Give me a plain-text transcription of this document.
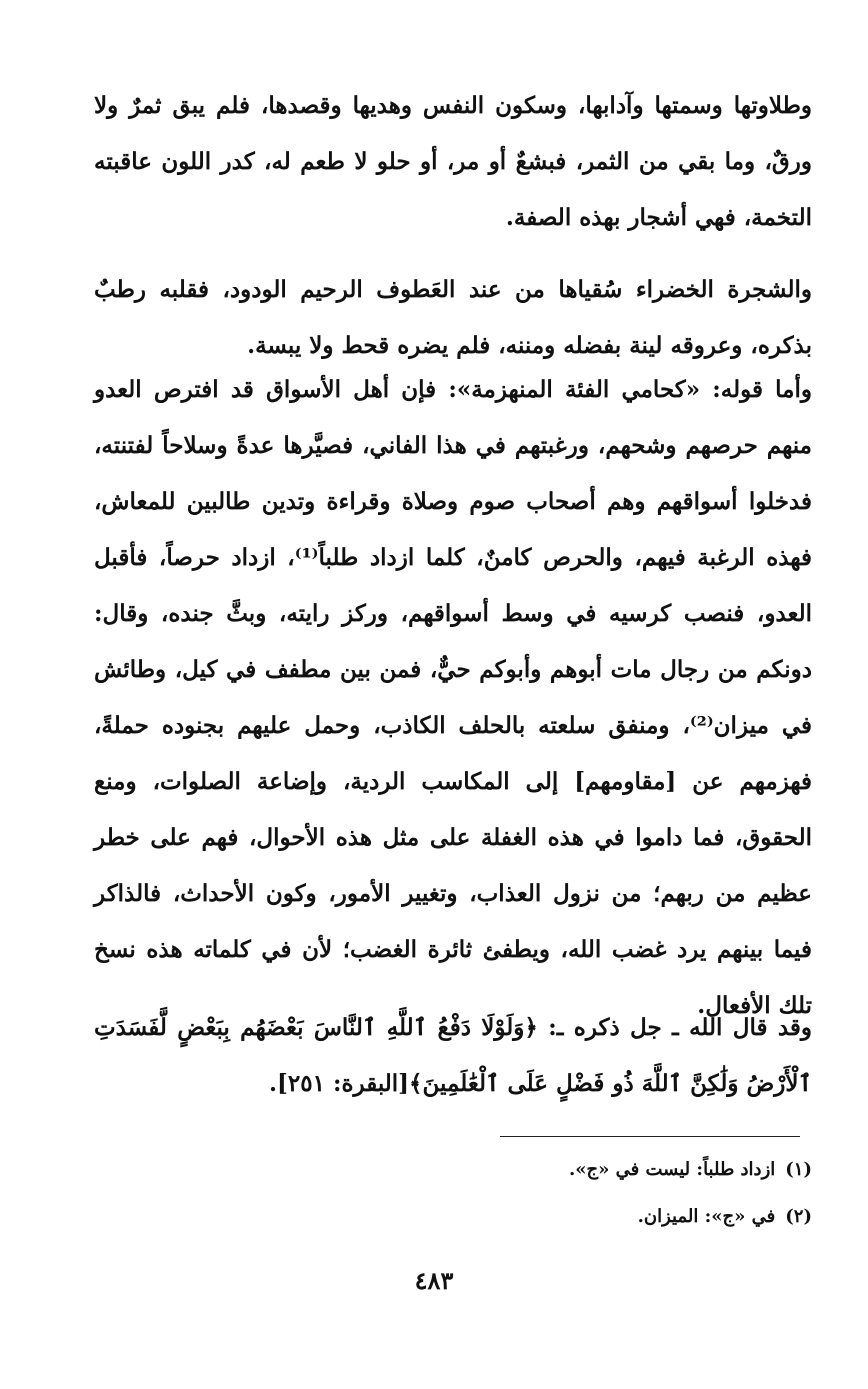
وطلاوتها وسمتها وآدابها، وسكون النفس وهديها وقصدها، فلم يبق ثمرٌ ولا ورقٌ، وما بقي من الثمر، فبشعٌ أو مر، أو حلو لا طعم له، كدر اللون عاقبته التخمة، فهي أشجار بهذه الصفة.

والشجرة الخضراء سُقياها من عند العَطوف الرحيم الودود، فقلبه رطبٌ بذكره، وعروقه لينة بفضله ومننه، فلم يضره قحط ولا يبسة.

وأما قوله: «كحامي الفئة المنهزمة»: فإن أهل الأسواق قد افترص العدو منهم حرصهم وشحهم، ورغبتهم في هذا الفاني، فصيَّرها عدةً وسلاحاً لفتنته، فدخلوا أسواقهم وهم أصحاب صوم وصلاة وقراءة وتدين طالبين للمعاش، فهذه الرغبة فيهم، والحرص كامنٌ، كلما ازداد طلباً⁽¹⁾، ازداد حرصاً، فأقبل العدو، فنصب كرسيه في وسط أسواقهم، وركز رايته، وبثَّ جنده، وقال: دونكم من رجال مات أبوهم وأبوكم حيٌّ، فمن بين مطفف في كيل، وطائش في ميزان⁽²⁾، ومنفق سلعته بالحلف الكاذب، وحمل عليهم بجنوده حملةً، فهزمهم عن [مقاومهم] إلى المكاسب الردية، وإضاعة الصلوات، ومنع الحقوق، فما داموا في هذه الغفلة على مثل هذه الأحوال، فهم على خطر عظيم من ربهم؛ من نزول العذاب، وتغيير الأمور، وكون الأحداث، فالذاكر فيما بينهم يرد غضب الله، ويطفئ ثائرة الغضب؛ لأن في كلماته هذه نسخ تلك الأفعال.

وقد قال الله ـ جل ذكره ـ: ﴿وَلَوْلَا دَفْعُ ٱللَّهِ ٱلنَّاسَ بَعْضَهُم بِبَعْضٍ لَّفَسَدَتِ ٱلْأَرْضُ وَلَٰكِنَّ ٱللَّهَ ذُو فَضْلٍ عَلَى ٱلْعَٰلَمِينَ﴾[البقرة: ٢٥١].

(١)ازداد طلباً: ليست في «ج».

(٢)في «ج»: الميزان.

٤٨٣
